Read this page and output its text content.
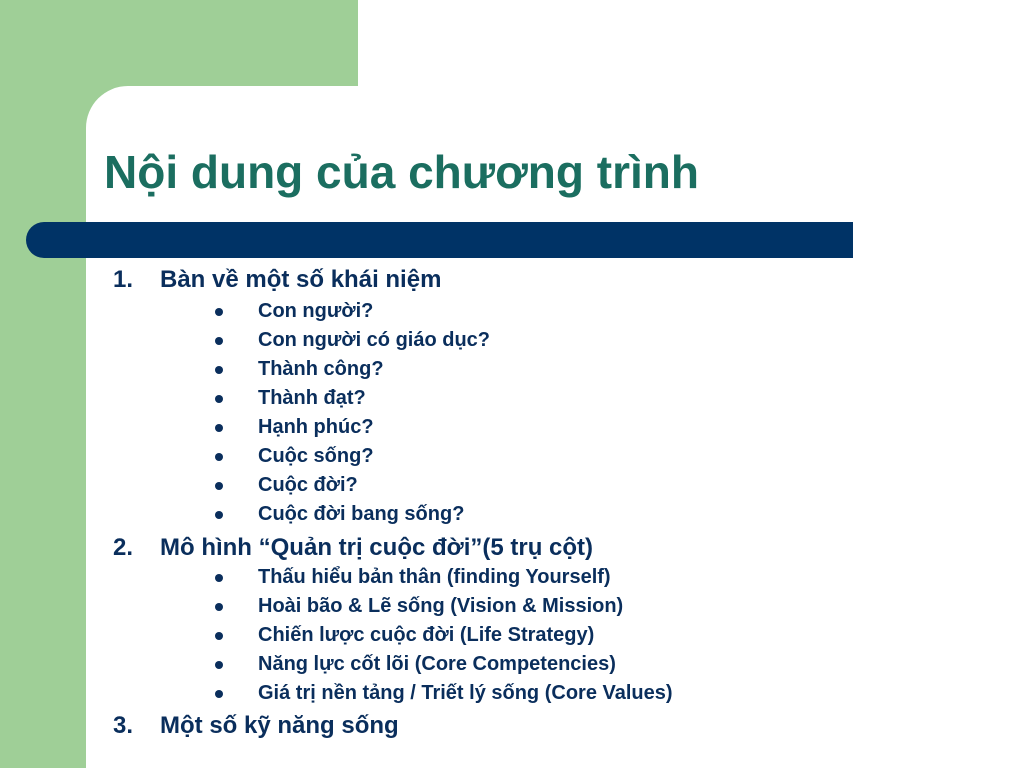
Nội dung của chương trình
1. Bàn về một số khái niệm
Con người?
Con người có giáo dục?
Thành công?
Thành đạt?
Hạnh phúc?
Cuộc sống?
Cuộc đời?
Cuộc đời bang sống?
2. Mô hình “Quản trị cuộc đời”(5 trụ cột)
Thấu hiểu bản thân (finding Yourself)
Hoài bão & Lẽ sống (Vision & Mission)
Chiến lược cuộc đời (Life Strategy)
Năng lực cốt lõi (Core Competencies)
Giá trị nền tảng / Triết lý sống (Core Values)
3. Một số kỹ năng sống
